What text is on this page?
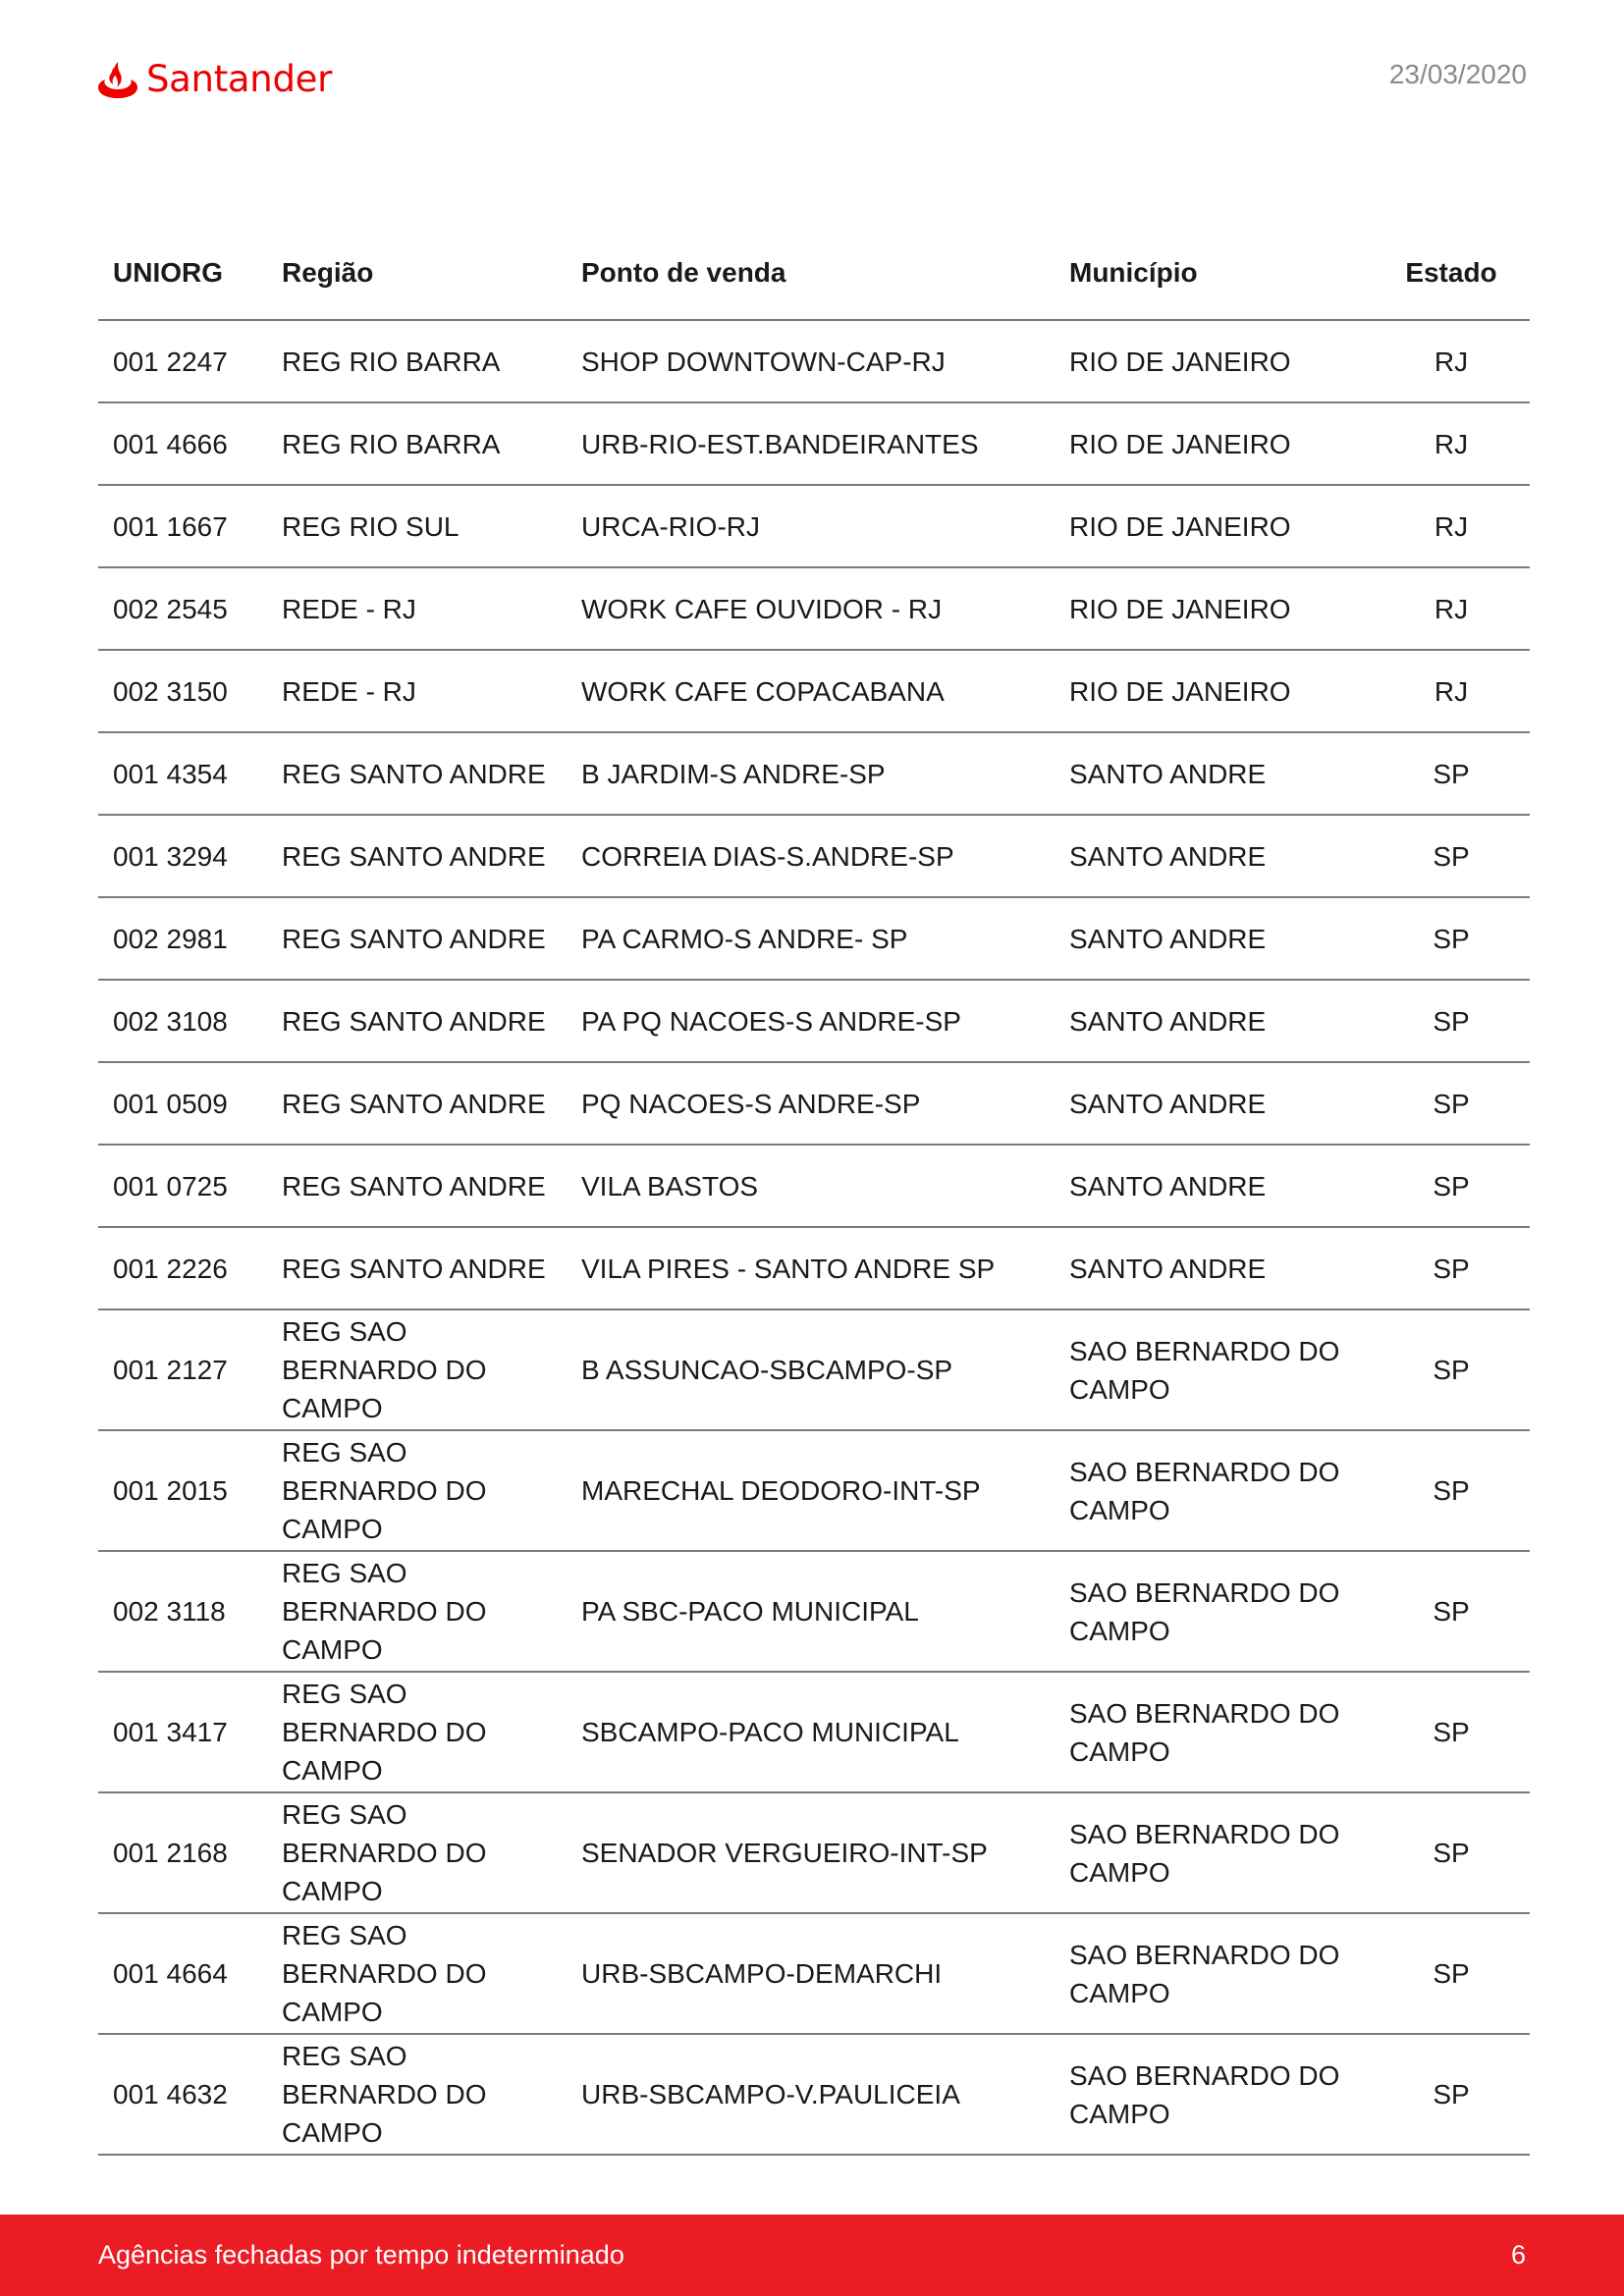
Santander	23/03/2020
UNIORG	Região	Ponto de venda	Município	Estado
001 2247	REG RIO BARRA	SHOP DOWNTOWN-CAP-RJ	RIO DE JANEIRO	RJ
001 4666	REG RIO BARRA	URB-RIO-EST.BANDEIRANTES	RIO DE JANEIRO	RJ
001 1667	REG RIO SUL	URCA-RIO-RJ	RIO DE JANEIRO	RJ
002 2545	REDE - RJ	WORK CAFE OUVIDOR - RJ	RIO DE JANEIRO	RJ
002 3150	REDE - RJ	WORK CAFE COPACABANA	RIO DE JANEIRO	RJ
001 4354	REG SANTO ANDRE	B JARDIM-S ANDRE-SP	SANTO ANDRE	SP
001 3294	REG SANTO ANDRE	CORREIA DIAS-S.ANDRE-SP	SANTO ANDRE	SP
002 2981	REG SANTO ANDRE	PA CARMO-S ANDRE- SP	SANTO ANDRE	SP
002 3108	REG SANTO ANDRE	PA PQ NACOES-S ANDRE-SP	SANTO ANDRE	SP
001 0509	REG SANTO ANDRE	PQ NACOES-S ANDRE-SP	SANTO ANDRE	SP
001 0725	REG SANTO ANDRE	VILA BASTOS	SANTO ANDRE	SP
001 2226	REG SANTO ANDRE	VILA PIRES - SANTO ANDRE SP	SANTO ANDRE	SP
001 2127	REG SAO BERNARDO DO CAMPO	B ASSUNCAO-SBCAMPO-SP	SAO BERNARDO DO CAMPO	SP
001 2015	REG SAO BERNARDO DO CAMPO	MARECHAL DEODORO-INT-SP	SAO BERNARDO DO CAMPO	SP
002 3118	REG SAO BERNARDO DO CAMPO	PA SBC-PACO MUNICIPAL	SAO BERNARDO DO CAMPO	SP
001 3417	REG SAO BERNARDO DO CAMPO	SBCAMPO-PACO MUNICIPAL	SAO BERNARDO DO CAMPO	SP
001 2168	REG SAO BERNARDO DO CAMPO	SENADOR VERGUEIRO-INT-SP	SAO BERNARDO DO CAMPO	SP
001 4664	REG SAO BERNARDO DO CAMPO	URB-SBCAMPO-DEMARCHI	SAO BERNARDO DO CAMPO	SP
001 4632	REG SAO BERNARDO DO CAMPO	URB-SBCAMPO-V.PAULICEIA	SAO BERNARDO DO CAMPO	SP
Agências fechadas por tempo indeterminado	6
